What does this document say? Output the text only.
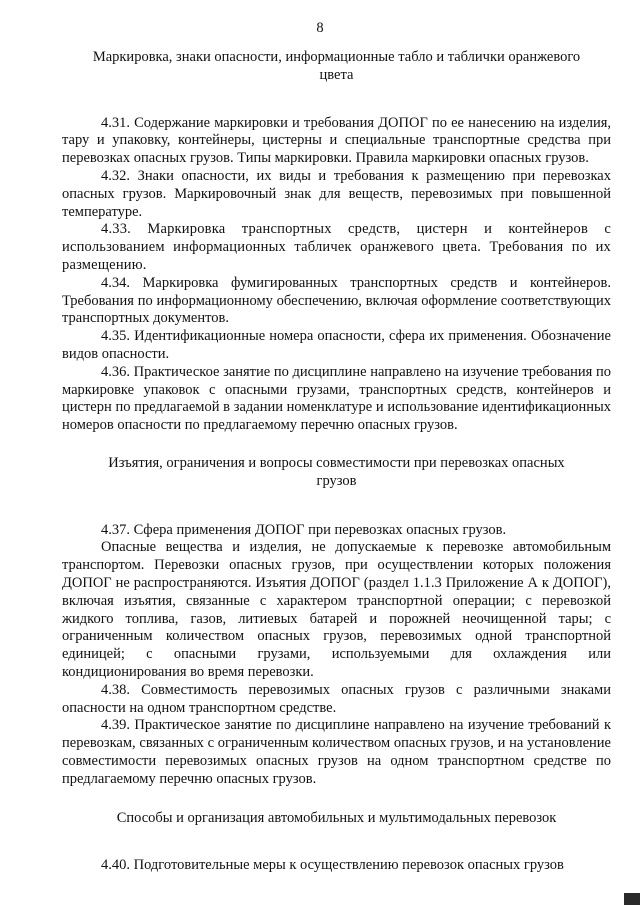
8
Маркировка, знаки опасности, информационные табло и таблички оранжевого цвета

4.31. Содержание маркировки и требования ДОПОГ по ее нанесению на изделия, тару и упаковку, контейнеры, цистерны и специальные транспортные средства при перевозках опасных грузов. Типы маркировки. Правила маркировки опасных грузов.

4.32. Знаки опасности, их виды и требования к размещению при перевозках опасных грузов. Маркировочный знак для веществ, перевозимых при повышенной температуре.

4.33. Маркировка транспортных средств, цистерн и контейнеров с использованием информационных табличек оранжевого цвета. Требования по их размещению.

4.34. Маркировка фумигированных транспортных средств и контейнеров. Требования по информационному обеспечению, включая оформление соответствующих транспортных документов.

4.35. Идентификационные номера опасности, сфера их применения. Обозначение видов опасности.

4.36. Практическое занятие по дисциплине направлено на изучение требования по маркировке упаковок с опасными грузами, транспортных средств, контейнеров и цистерн по предлагаемой в задании номенклатуре и использование идентификационных номеров опасности по предлагаемому перечню опасных грузов.

Изъятия, ограничения и вопросы совместимости при перевозках опасных грузов

4.37. Сфера применения ДОПОГ при перевозках опасных грузов.

Опасные вещества и изделия, не допускаемые к перевозке автомобильным транспортом. Перевозки опасных грузов, при осуществлении которых положения ДОПОГ не распространяются. Изъятия ДОПОГ (раздел 1.1.3 Приложение А к ДОПОГ), включая изъятия, связанные с характером транспортной операции; с перевозкой жидкого топлива, газов, литиевых батарей и порожней неочищенной тары; с ограниченным количеством опасных грузов, перевозимых одной транспортной единицей; с опасными грузами, используемыми для охлаждения или кондиционирования во время перевозки.

4.38. Совместимость перевозимых опасных грузов с различными знаками опасности на одном транспортном средстве.

4.39. Практическое занятие по дисциплине направлено на изучение требований к перевозкам, связанных с ограниченным количеством опасных грузов, и на установление совместимости перевозимых опасных грузов на одном транспортном средстве по предлагаемому перечню опасных грузов.

Способы и организация автомобильных и мультимодальных перевозок

4.40. Подготовительные меры к осуществлению перевозок опасных грузов
